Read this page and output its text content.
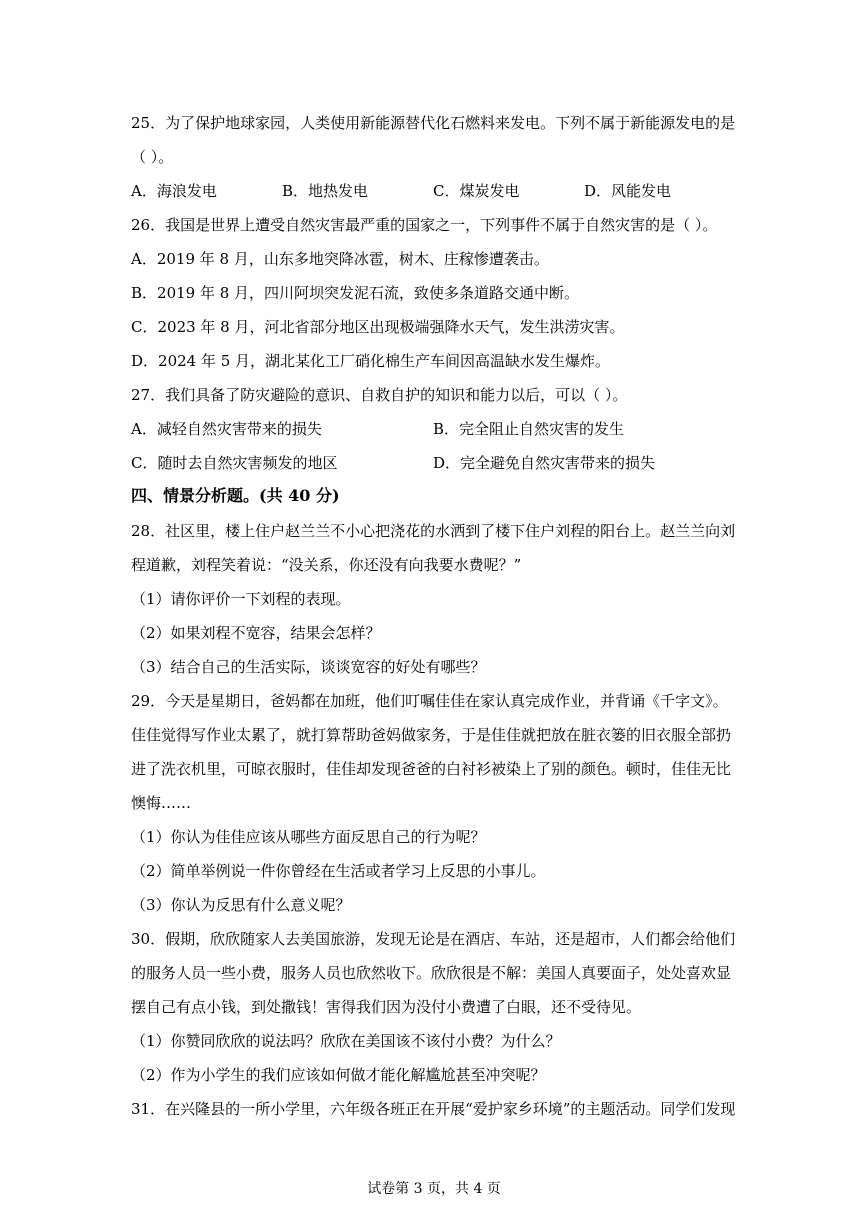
25．为了保护地球家园，人类使用新能源替代化石燃料来发电。下列不属于新能源发电的是
（ ）。
A．海浪发电	B．地热发电	C．煤炭发电	D．风能发电
26．我国是世界上遭受自然灾害最严重的国家之一，下列事件不属于自然灾害的是（ ）。
A．2019 年 8 月，山东多地突降冰雹，树木、庄稼惨遭袭击。
B．2019 年 8 月，四川阿坝突发泥石流，致使多条道路交通中断。
C．2023 年 8 月，河北省部分地区出现极端强降水天气，发生洪涝灾害。
D．2024 年 5 月，湖北某化工厂硝化棉生产车间因高温缺水发生爆炸。
27．我们具备了防灾避险的意识、自救自护的知识和能力以后，可以（ ）。
A．减轻自然灾害带来的损失	B．完全阻止自然灾害的发生
C．随时去自然灾害频发的地区	D．完全避免自然灾害带来的损失
四、情景分析题。(共 40 分)
28．社区里，楼上住户赵兰兰不小心把浇花的水洒到了楼下住户刘程的阳台上。赵兰兰向刘
程道歉，刘程笑着说：“没关系，你还没有向我要水费呢？”
（1）请你评价一下刘程的表现。
（2）如果刘程不宽容，结果会怎样？
（3）结合自己的生活实际，谈谈宽容的好处有哪些？
29．今天是星期日，爸妈都在加班，他们叮嘱佳佳在家认真完成作业，并背诵《千字文》。
佳佳觉得写作业太累了，就打算帮助爸妈做家务，于是佳佳就把放在脏衣篓的旧衣服全部扔
进了洗衣机里，可晾衣服时，佳佳却发现爸爸的白衬衫被染上了别的颜色。顿时，佳佳无比
懊悔……
（1）你认为佳佳应该从哪些方面反思自己的行为呢？
（2）简单举例说一件你曾经在生活或者学习上反思的小事儿。
（3）你认为反思有什么意义呢？
30．假期，欣欣随家人去美国旅游，发现无论是在酒店、车站，还是超市，人们都会给他们
的服务人员一些小费，服务人员也欣然收下。欣欣很是不解：美国人真要面子，处处喜欢显
摆自己有点小钱，到处撒钱！害得我们因为没付小费遭了白眼，还不受待见。
（1）你赞同欣欣的说法吗？欣欣在美国该不该付小费？为什么？
（2）作为小学生的我们应该如何做才能化解尴尬甚至冲突呢？
31．在兴隆县的一所小学里，六年级各班正在开展“爱护家乡环境”的主题活动。同学们发现
试卷第 3 页，共 4 页
